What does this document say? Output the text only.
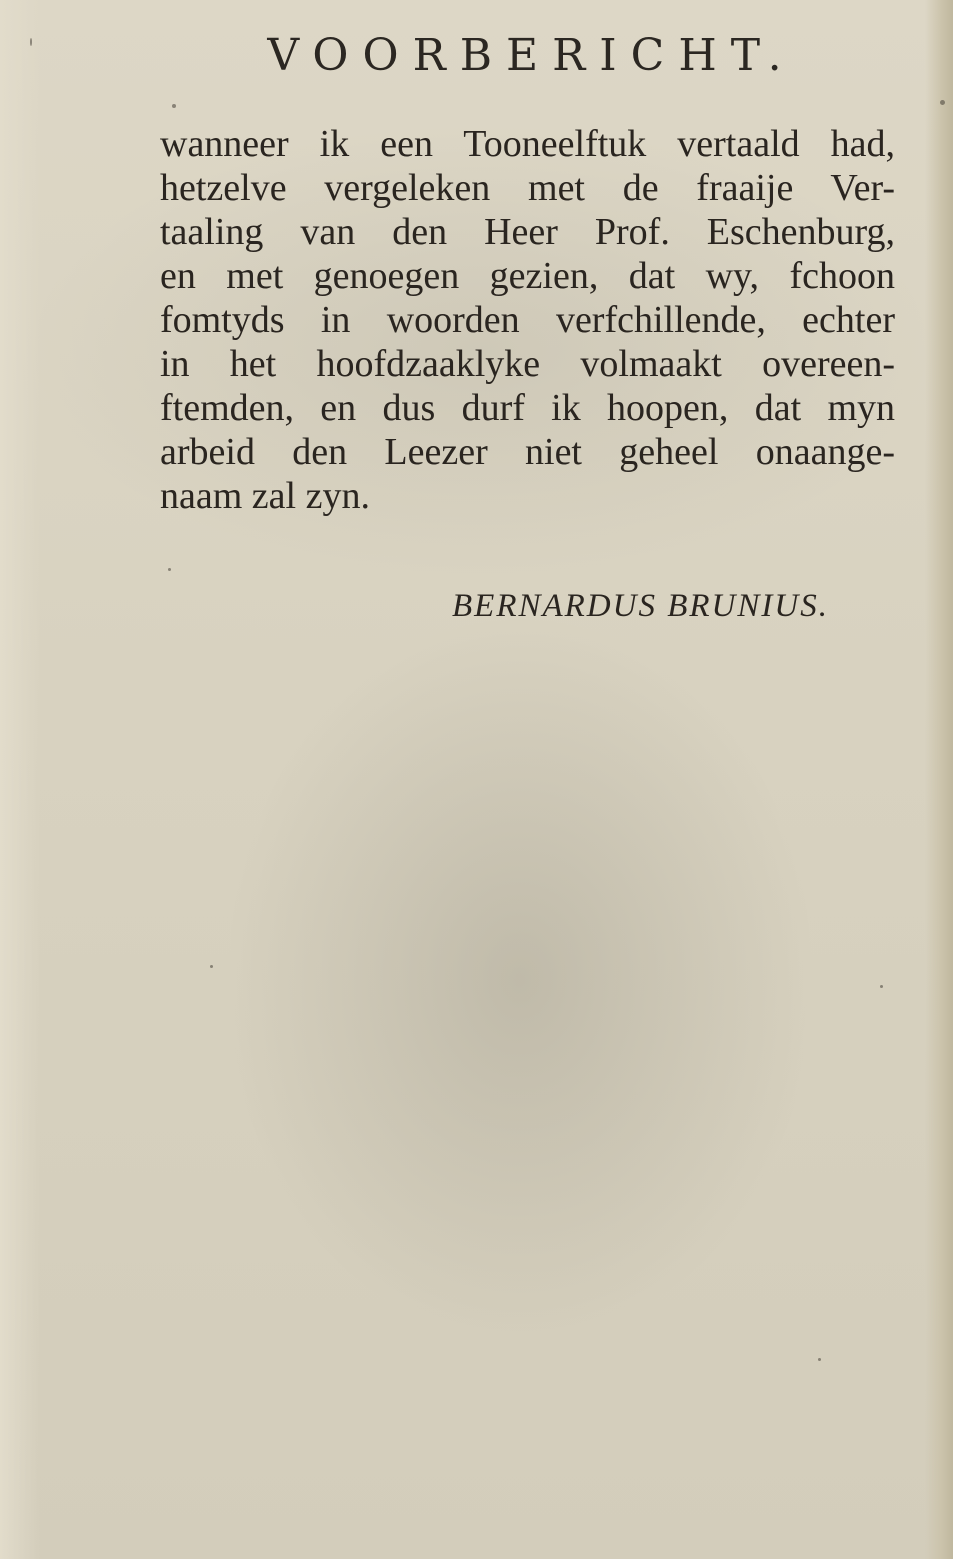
VOORBERICHT.
wanneer ik een Tooneelftuk vertaald had,
hetzelve vergeleken met de fraaije Ver-
taaling van den Heer Prof. Eschenburg,
en met genoegen gezien, dat wy, fchoon
fomtyds in woorden verfchillende, echter
in het hoofdzaaklyke volmaakt overeen-
ftemden, en dus durf ik hoopen, dat myn
arbeid den Leezer niet geheel onaange-
naam zal zyn.
BERNARDUS BRUNIUS.
